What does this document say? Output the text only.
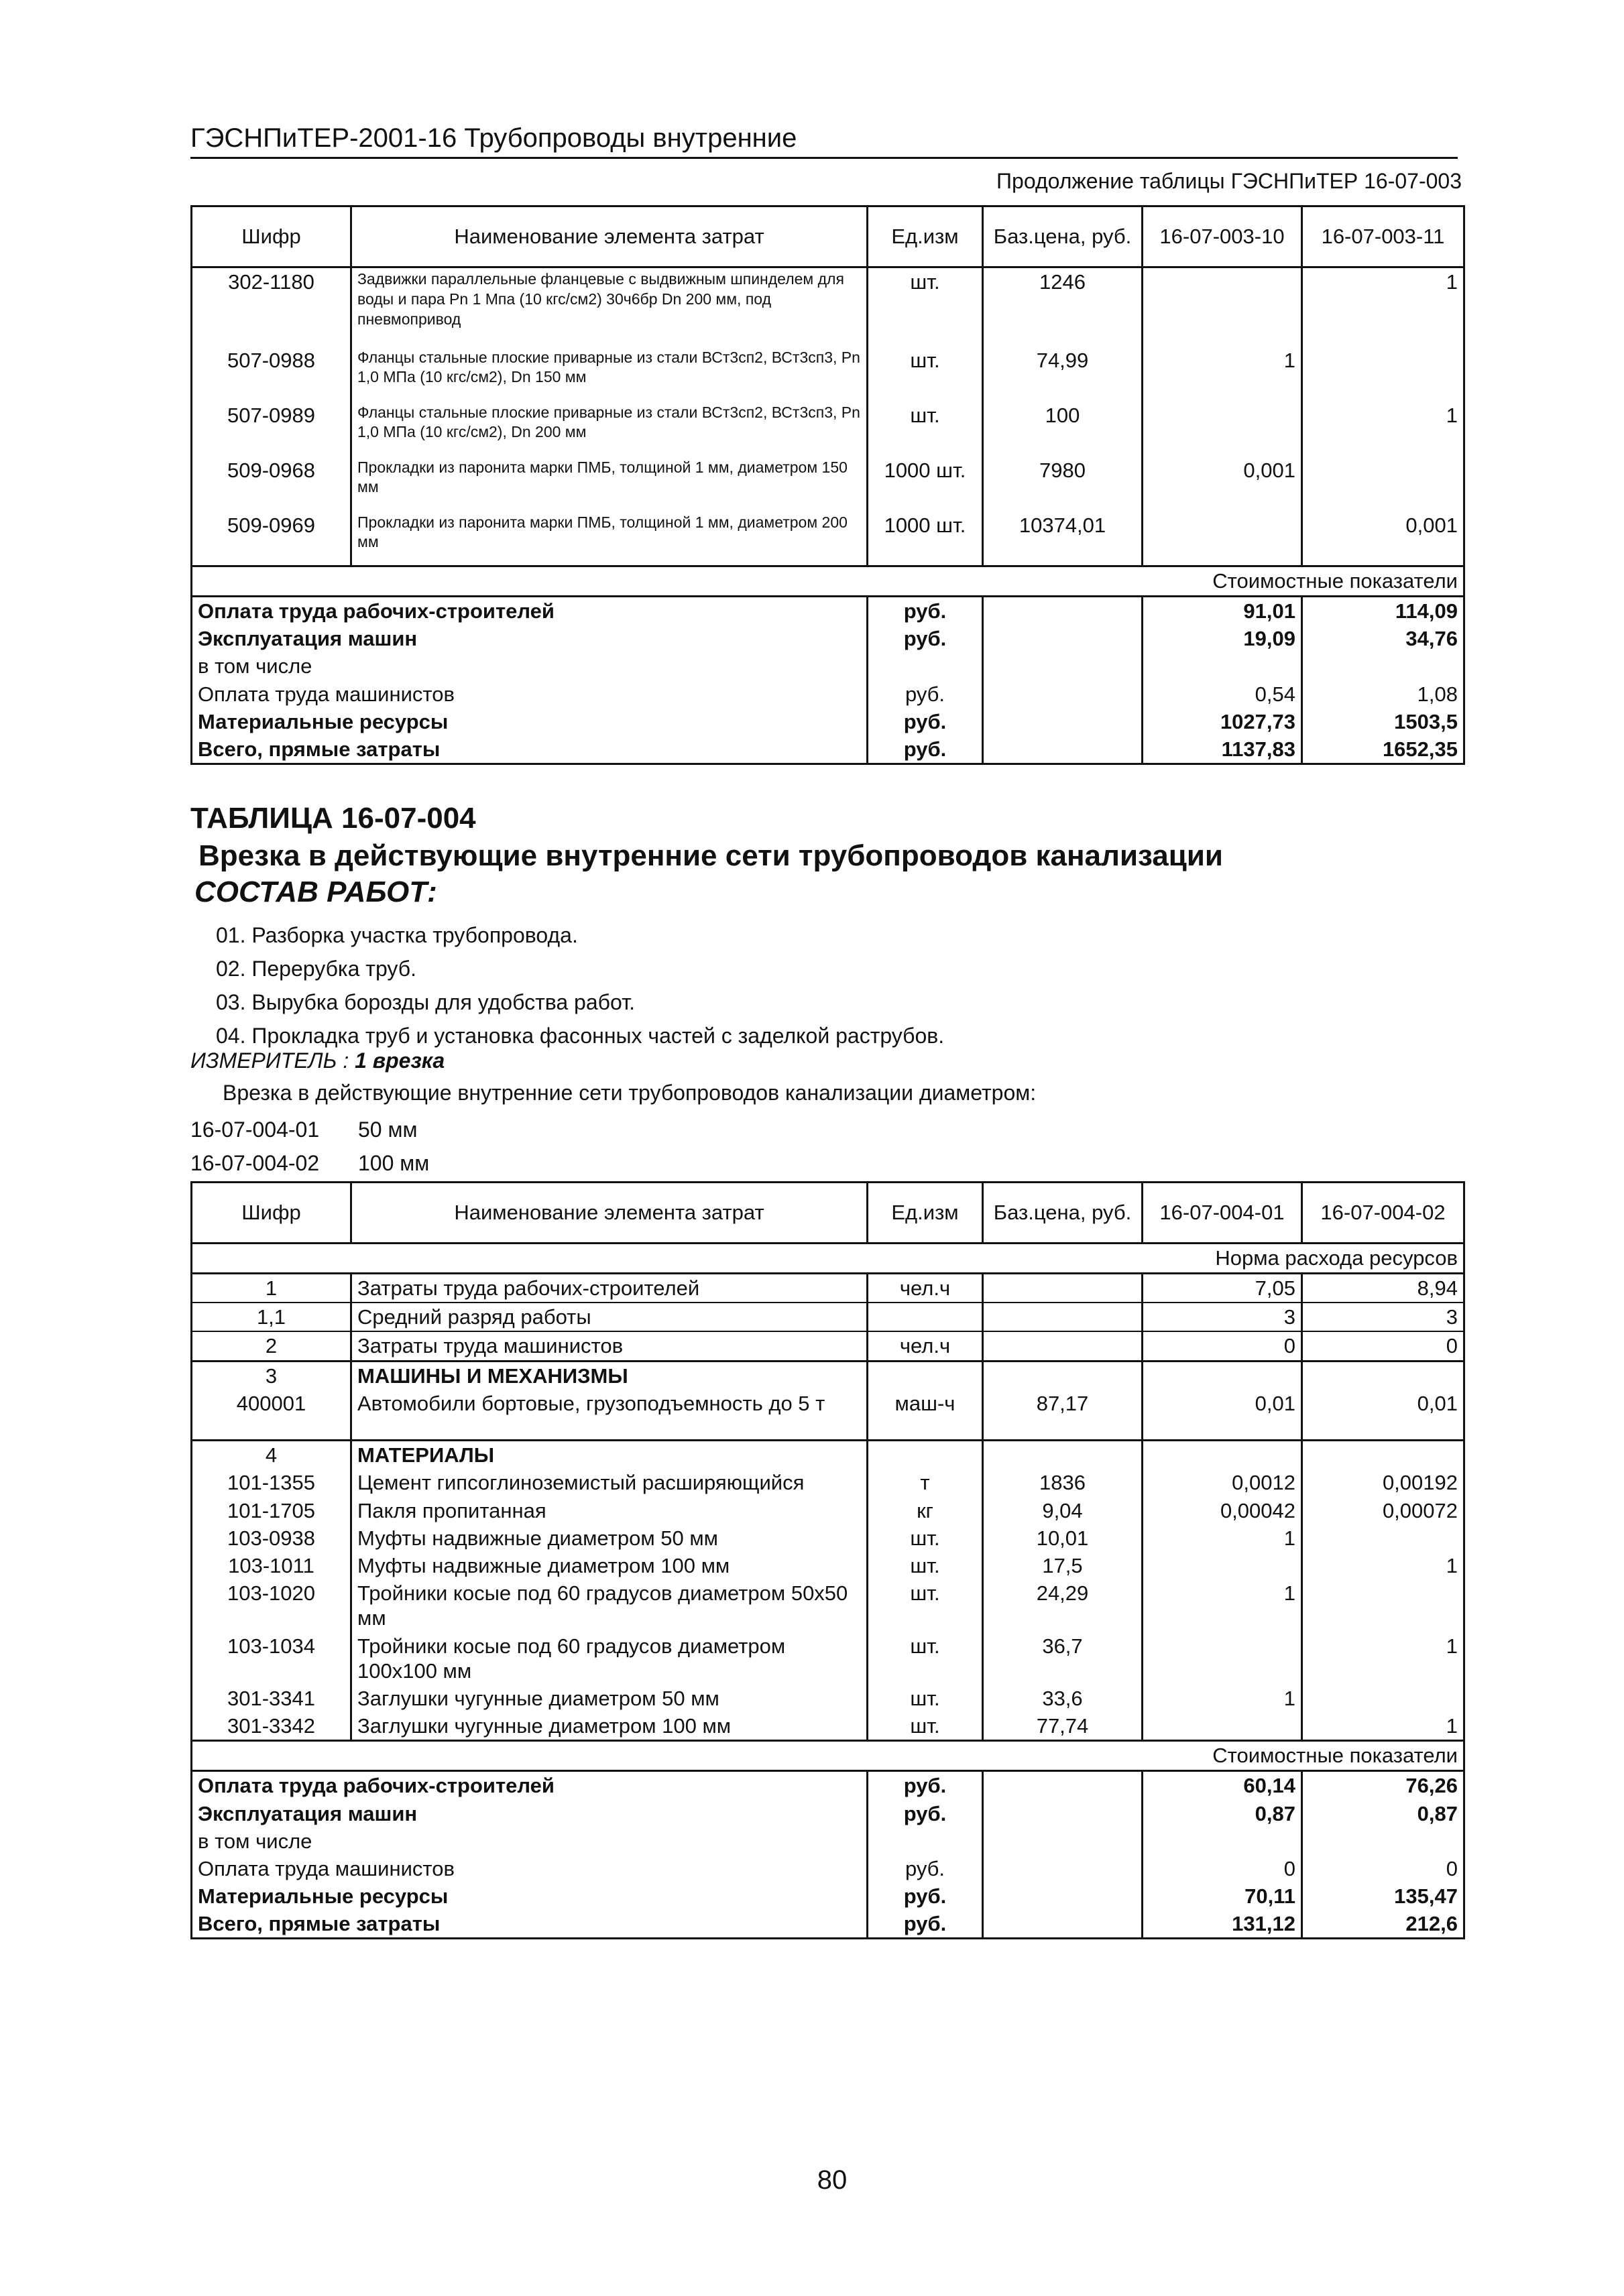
ГЭСНПиТЕР-2001-16 Трубопроводы внутренние
Продолжение таблицы ГЭСНПиТЕР 16-07-003
Шифр	Наименование элемента затрат	Ед.изм	Баз.цена, руб.	16-07-003-10	16-07-003-11
302-1180	Задвижки параллельные фланцевые с выдвижным шпинделем для воды и пара Pn 1 Мпа (10 кгс/см2) 30ч6бр Dn 200 мм, под пневмопривод	шт.	1246		1
507-0988	Фланцы стальные плоские приварные из стали ВСт3сп2, ВСт3сп3, Pn 1,0 МПа (10 кгс/см2), Dn 150 мм	шт.	74,99	1	
507-0989	Фланцы стальные плоские приварные из стали ВСт3сп2, ВСт3сп3, Pn 1,0 МПа (10 кгс/см2), Dn 200 мм	шт.	100		1
509-0968	Прокладки из паронита марки ПМБ, толщиной 1 мм, диаметром 150 мм	1000 шт.	7980	0,001	
509-0969	Прокладки из паронита марки ПМБ, толщиной 1 мм, диаметром 200 мм	1000 шт.	10374,01		0,001
Стоимостные показатели					
Оплата труда рабочих-строителей		руб.		91,01	114,09
Эксплуатация машин		руб.		19,09	34,76
в том числе					
Оплата труда машинистов		руб.		0,54	1,08
Материальные ресурсы		руб.		1027,73	1503,5
Всего, прямые затраты		руб.		1137,83	1652,35
ТАБЛИЦА 16-07-004
Врезка в действующие внутренние сети трубопроводов канализации
СОСТАВ РАБОТ:
01. Разборка участка трубопровода.
02. Перерубка труб.
03. Вырубка борозды для удобства работ.
04. Прокладка труб и установка фасонных частей с заделкой раструбов.
ИЗМЕРИТЕЛЬ : 1 врезка
Врезка в действующие внутренние сети трубопроводов канализации диаметром:
16-07-004-01 50 мм
16-07-004-02 100 мм
Шифр	Наименование элемента затрат	Ед.изм	Баз.цена, руб.	16-07-004-01	16-07-004-02
Норма расхода ресурсов					
1	Затраты труда рабочих-строителей	чел.ч		7,05	8,94
1,1	Средний разряд работы			3	3
2	Затраты труда машинистов	чел.ч		0	0
3	МАШИНЫ И МЕХАНИЗМЫ				
400001	Автомобили бортовые, грузоподъемность до 5 т	маш-ч	87,17	0,01	0,01
4	МАТЕРИАЛЫ				
101-1355	Цемент гипсоглиноземистый расширяющийся	т	1836	0,0012	0,00192
101-1705	Пакля пропитанная	кг	9,04	0,00042	0,00072
103-0938	Муфты надвижные диаметром 50 мм	шт.	10,01	1	
103-1011	Муфты надвижные диаметром 100 мм	шт.	17,5		1
103-1020	Тройники косые под 60 градусов диаметром 50х50 мм	шт.	24,29	1	
103-1034	Тройники косые под 60 градусов диаметром 100х100 мм	шт.	36,7		1
301-3341	Заглушки чугунные диаметром 50 мм	шт.	33,6	1	
301-3342	Заглушки чугунные диаметром 100 мм	шт.	77,74		1
Стоимостные показатели					
Оплата труда рабочих-строителей		руб.		60,14	76,26
Эксплуатация машин		руб.		0,87	0,87
в том числе					
Оплата труда машинистов		руб.		0	0
Материальные ресурсы		руб.		70,11	135,47
Всего, прямые затраты		руб.		131,12	212,6
80
